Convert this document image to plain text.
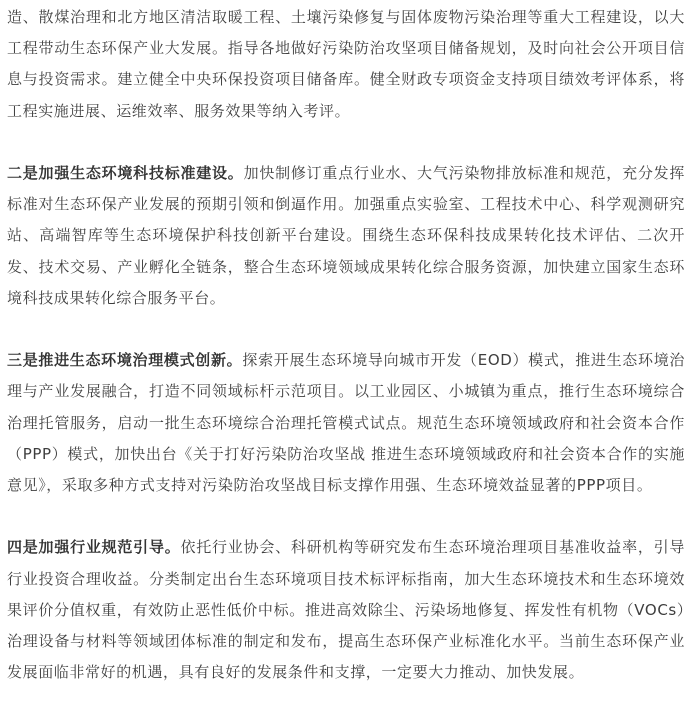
造、散煤治理和北方地区清洁取暖工程、土壤污染修复与固体废物污染治理等重大工程建设，以大工程带动生态环保产业大发展。指导各地做好污染防治攻坚项目储备规划，及时向社会公开项目信息与投资需求。建立健全中央环保投资项目储备库。健全财政专项资金支持项目绩效考评体系，将工程实施进展、运维效率、服务效果等纳入考评。

二是加强生态环境科技标准建设。加快制修订重点行业水、大气污染物排放标准和规范，充分发挥标准对生态环保产业发展的预期引领和倒逼作用。加强重点实验室、工程技术中心、科学观测研究站、高端智库等生态环境保护科技创新平台建设。围绕生态环保科技成果转化技术评估、二次开发、技术交易、产业孵化全链条，整合生态环境领域成果转化综合服务资源，加快建立国家生态环境科技成果转化综合服务平台。

三是推进生态环境治理模式创新。探索开展生态环境导向城市开发（EOD）模式，推进生态环境治理与产业发展融合，打造不同领域标杆示范项目。以工业园区、小城镇为重点，推行生态环境综合治理托管服务，启动一批生态环境综合治理托管模式试点。规范生态环境领域政府和社会资本合作（PPP）模式，加快出台《关于打好污染防治攻坚战 推进生态环境领域政府和社会资本合作的实施意见》，采取多种方式支持对污染防治攻坚战目标支撑作用强、生态环境效益显著的PPP项目。

四是加强行业规范引导。依托行业协会、科研机构等研究发布生态环境治理项目基准收益率，引导行业投资合理收益。分类制定出台生态环境项目技术标评标指南，加大生态环境技术和生态环境效果评价分值权重，有效防止恶性低价中标。推进高效除尘、污染场地修复、挥发性有机物（VOCs）治理设备与材料等领域团体标准的制定和发布，提高生态环保产业标准化水平。当前生态环保产业发展面临非常好的机遇，具有良好的发展条件和支撑，一定要大力推动、加快发展。
